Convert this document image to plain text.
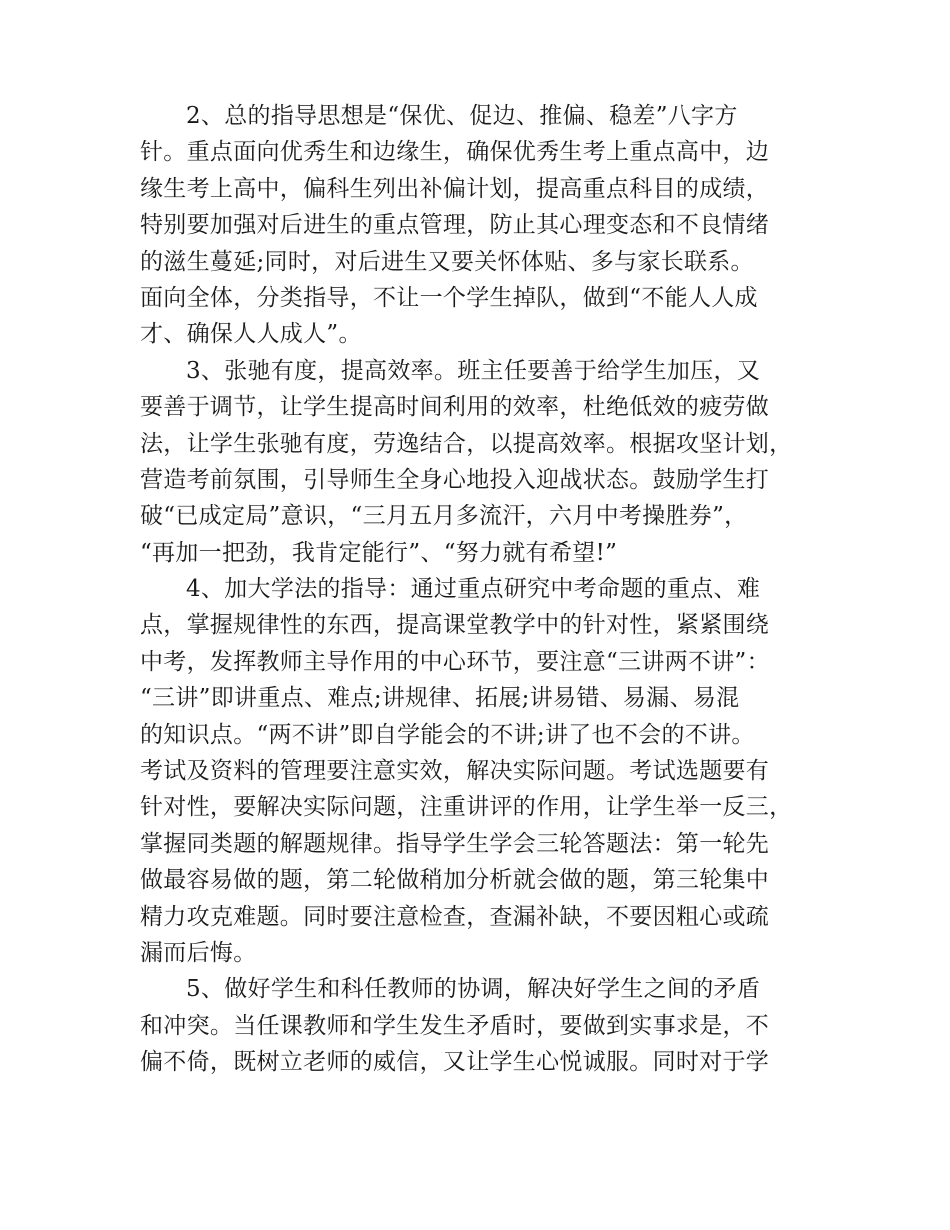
2、总的指导思想是“保优、促边、推偏、稳差”八字方
针。重点面向优秀生和边缘生，确保优秀生考上重点高中，边
缘生考上高中，偏科生列出补偏计划，提高重点科目的成绩，
特别要加强对后进生的重点管理，防止其心理变态和不良情绪
的滋生蔓延;同时，对后进生又要关怀体贴、多与家长联系。
面向全体，分类指导，不让一个学生掉队，做到“不能人人成
才、确保人人成人”。
3、张驰有度，提高效率。班主任要善于给学生加压，又
要善于调节，让学生提高时间利用的效率，杜绝低效的疲劳做
法，让学生张驰有度，劳逸结合，以提高效率。根据攻坚计划，
营造考前氛围，引导师生全身心地投入迎战状态。鼓励学生打
破“已成定局”意识，“三月五月多流汗，六月中考操胜券”，
“再加一把劲，我肯定能行”、“努力就有希望!”
4、加大学法的指导：通过重点研究中考命题的重点、难
点，掌握规律性的东西，提高课堂教学中的针对性，紧紧围绕
中考，发挥教师主导作用的中心环节，要注意“三讲两不讲”：
“三讲”即讲重点、难点;讲规律、拓展;讲易错、易漏、易混
的知识点。“两不讲”即自学能会的不讲;讲了也不会的不讲。
考试及资料的管理要注意实效，解决实际问题。考试选题要有
针对性，要解决实际问题，注重讲评的作用，让学生举一反三，
掌握同类题的解题规律。指导学生学会三轮答题法：第一轮先
做最容易做的题，第二轮做稍加分析就会做的题，第三轮集中
精力攻克难题。同时要注意检查，查漏补缺，不要因粗心或疏
漏而后悔。
5、做好学生和科任教师的协调，解决好学生之间的矛盾
和冲突。当任课教师和学生发生矛盾时，要做到实事求是，不
偏不倚，既树立老师的威信，又让学生心悦诚服。同时对于学
